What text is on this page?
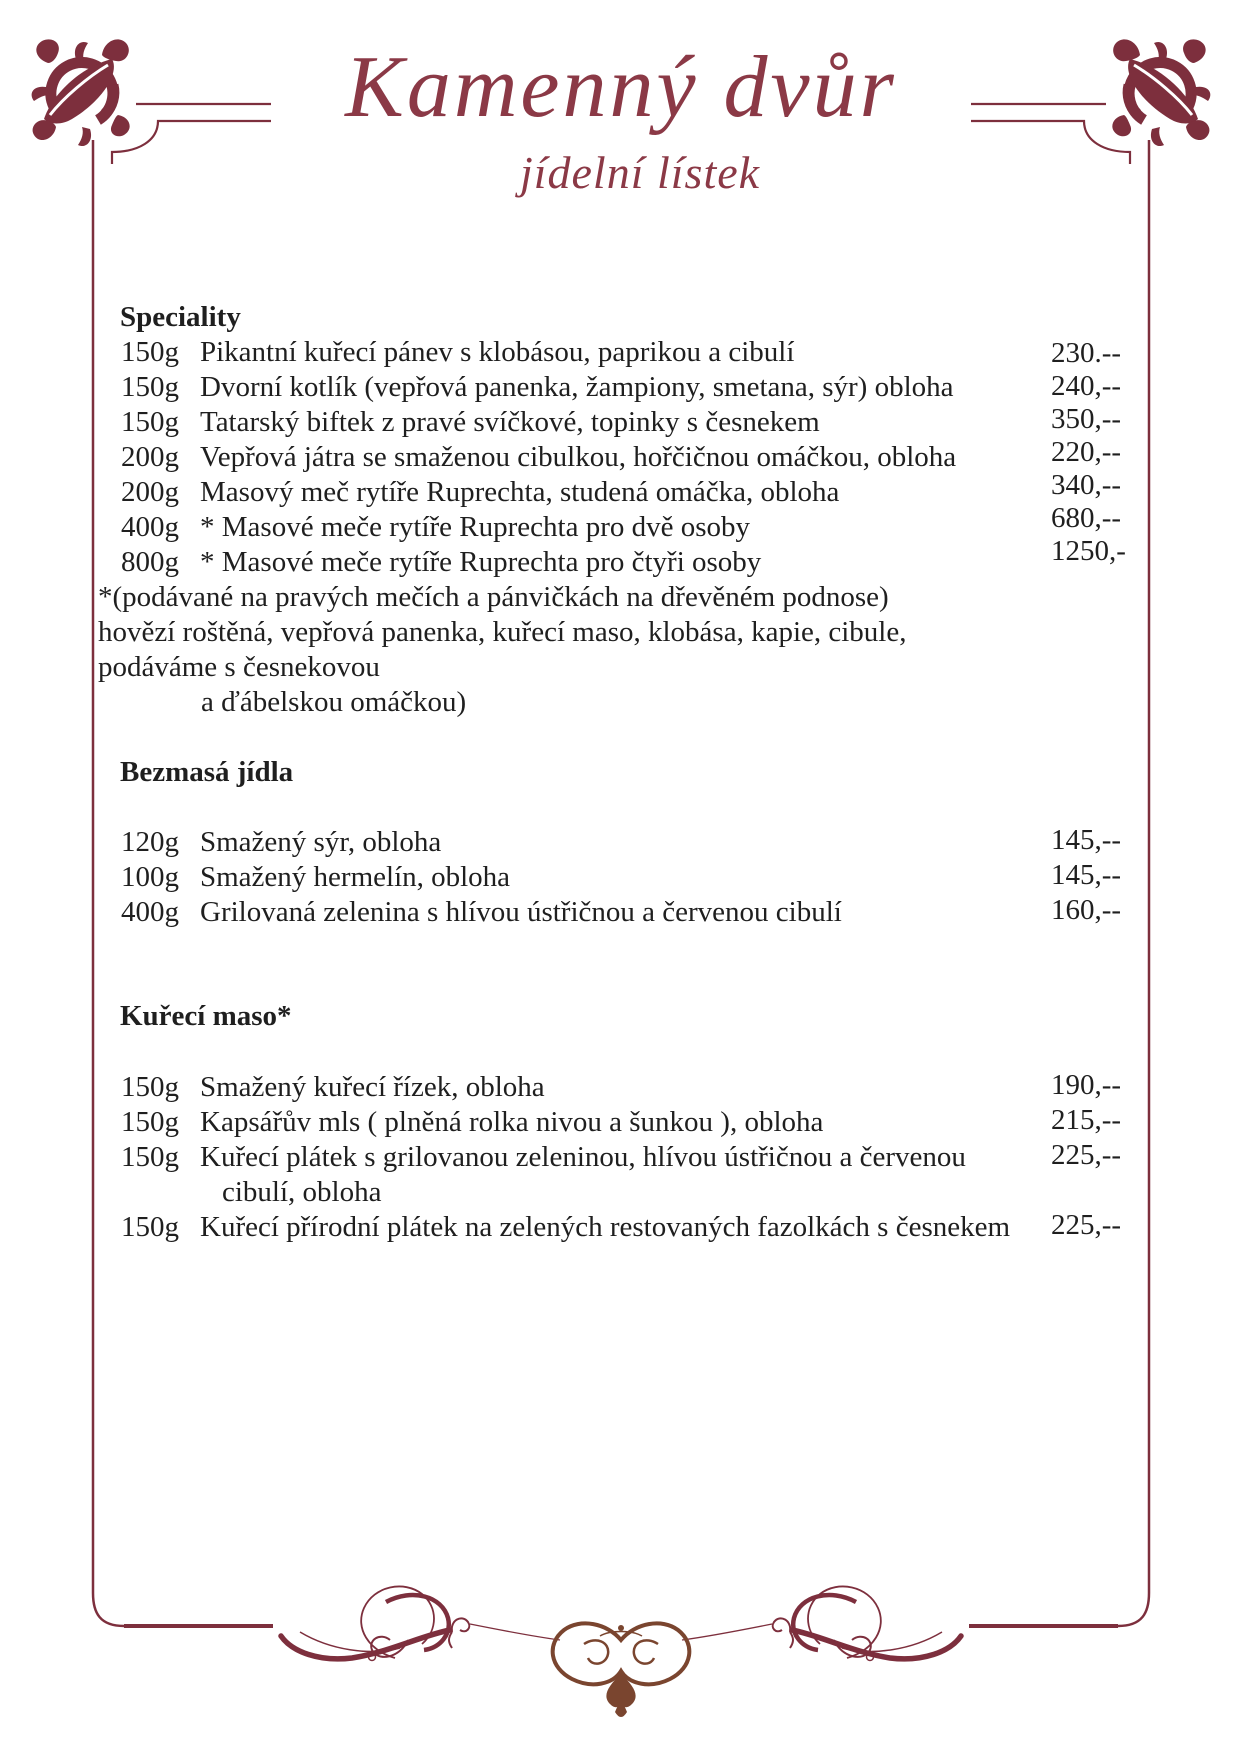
Kamenný dvůr
jídelní lístek
Speciality
150g Pikantní kuřecí pánev s klobásou, paprikou a cibulí	230.--
150g Dvorní kotlík (vepřová panenka, žampiony, smetana, sýr) obloha	240,--
150g Tatarský biftek z pravé svíčkové, topinky s česnekem	350,--
200g Vepřová játra se smaženou cibulkou, hořčičnou omáčkou, obloha	220,--
200g Masový meč rytíře Ruprechta, studená omáčka, obloha	340,--
400g * Masové meče rytíře Ruprechta pro dvě osoby	680,--
800g * Masové meče rytíře Ruprechta pro čtyři osoby	1250,-
*(podávané na pravých mečích a pánvičkách na dřevěném podnose)
hovězí roštěná, vepřová panenka, kuřecí maso, klobása, kapie, cibule,
podáváme s česnekovou
a ďábelskou omáčkou)
Bezmasá jídla
120g Smažený sýr, obloha	145,--
100g Smažený hermelín, obloha	145,--
400g Grilovaná zelenina s hlívou ústřičnou a červenou cibulí	160,--
Kuřecí maso*
150g Smažený kuřecí řízek, obloha	190,--
150g Kapsářův mls ( plněná rolka nivou a šunkou ), obloha	215,--
150g Kuřecí plátek s grilovanou zeleninou, hlívou ústřičnou a červenou	225,--
cibulí, obloha
150g Kuřecí přírodní plátek na zelených restovaných fazolkách s česnekem 225,--
